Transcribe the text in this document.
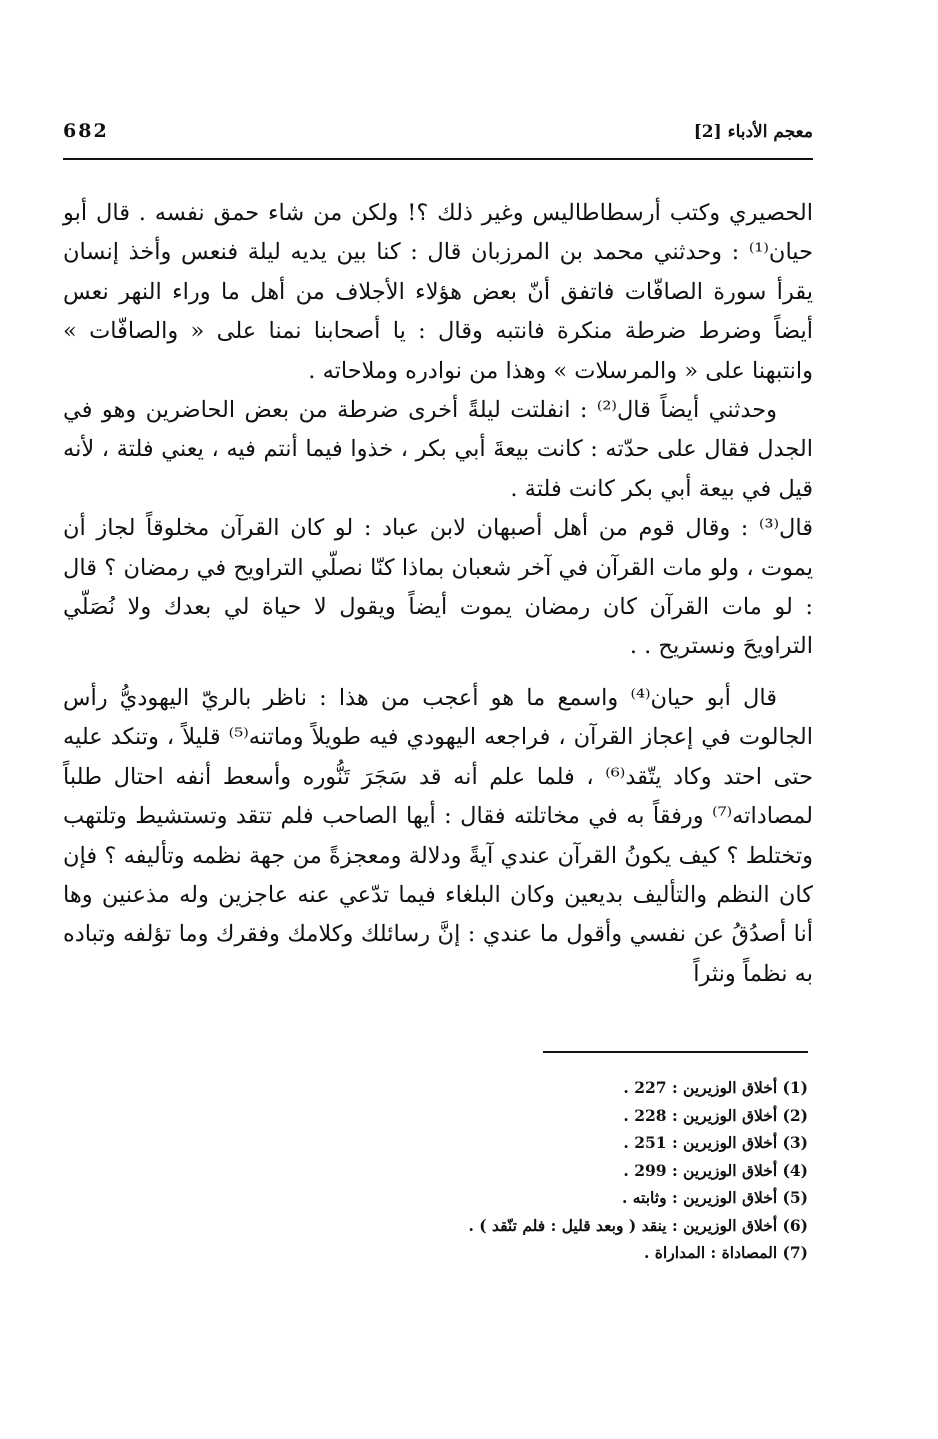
682	معجم الأدباء [2]

الحصيري وكتب أرسطاطاليس وغير ذلك ؟! ولكن من شاء حمق نفسه . قال أبو حيان⁽¹⁾ : وحدثني محمد بن المرزبان قال : كنا بين يديه ليلة فنعس وأخذ إنسان يقرأ سورة الصافّات فاتفق أنّ بعض هؤلاء الأجلاف من أهل ما وراء النهر نعس أيضاً وضرط ضرطة منكرة فانتبه وقال : يا أصحابنا نمنا على « والصافّات » وانتبهنا على « والمرسلات » وهذا من نوادره وملاحاته .

وحدثني أيضاً قال⁽²⁾ : انفلتت ليلةً أخرى ضرطة من بعض الحاضرين وهو في الجدل فقال على حدّته : كانت بيعةَ أبي بكر ، خذوا فيما أنتم فيه ، يعني فلتة ، لأنه قيل في بيعة أبي بكر كانت فلتة .

قال⁽³⁾ : وقال قوم من أهل أصبهان لابن عباد : لو كان القرآن مخلوقاً لجاز أن يموت ، ولو مات القرآن في آخر شعبان بماذا كنّا نصلّي التراويح في رمضان ؟ قال : لو مات القرآن كان رمضان يموت أيضاً ويقول لا حياة لي بعدك ولا نُصَلّي التراويحَ ونستريح . .

قال أبو حيان⁽⁴⁾ واسمع ما هو أعجب من هذا : ناظر بالريّ اليهوديُّ رأس الجالوت في إعجاز القرآن ، فراجعه اليهودي فيه طويلاً وماتنه⁽⁵⁾ قليلاً ، وتنكد عليه حتى احتد وكاد يتّقد⁽⁶⁾ ، فلما علم أنه قد سَجَرَ تَنُّوره وأسعط أنفه احتال طلباً لمصاداته⁽⁷⁾ ورفقاً به في مخاتلته فقال : أيها الصاحب فلم تتقد وتستشيط وتلتهب وتختلط ؟ كيف يكونُ القرآن عندي آيةً ودلالة ومعجزةً من جهة نظمه وتأليفه ؟ فإن كان النظم والتأليف بديعين وكان البلغاء فيما تدّعي عنه عاجزين وله مذعنين وها أنا أصدُقُ عن نفسي وأقول ما عندي : إنَّ رسائلك وكلامك وفقرك وما تؤلفه وتباده به نظماً ونثراً

(1) أخلاق الوزيرين : 227 .
(2) أخلاق الوزيرين : 228 .
(3) أخلاق الوزيرين : 251 .
(4) أخلاق الوزيرين : 299 .
(5) أخلاق الوزيرين : وثابته .
(6) أخلاق الوزيرين : ينقد ( وبعد قليل : فلم تنّقد ) .
(7) المصاداة : المداراة .
